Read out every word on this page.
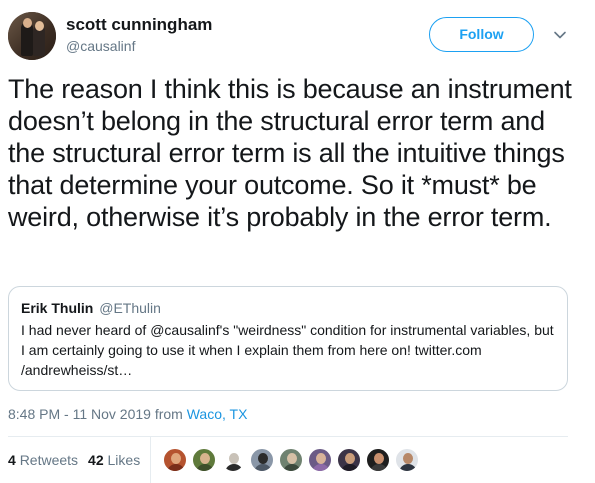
scott cunningham
@causalinf
Follow
The reason I think this is because an instrument doesn’t belong in the structural error term and the structural error term is all the intuitive things that determine your outcome. So it *must* be weird, otherwise it’s probably in the error term.
Erik Thulin @EThulin
I had never heard of @causalinf's "weirdness" condition for instrumental variables, but I am certainly going to use it when I explain them from here on! twitter.com /andrewheiss/st…
8:48 PM - 11 Nov 2019 from Waco, TX
4 Retweets 42 Likes
